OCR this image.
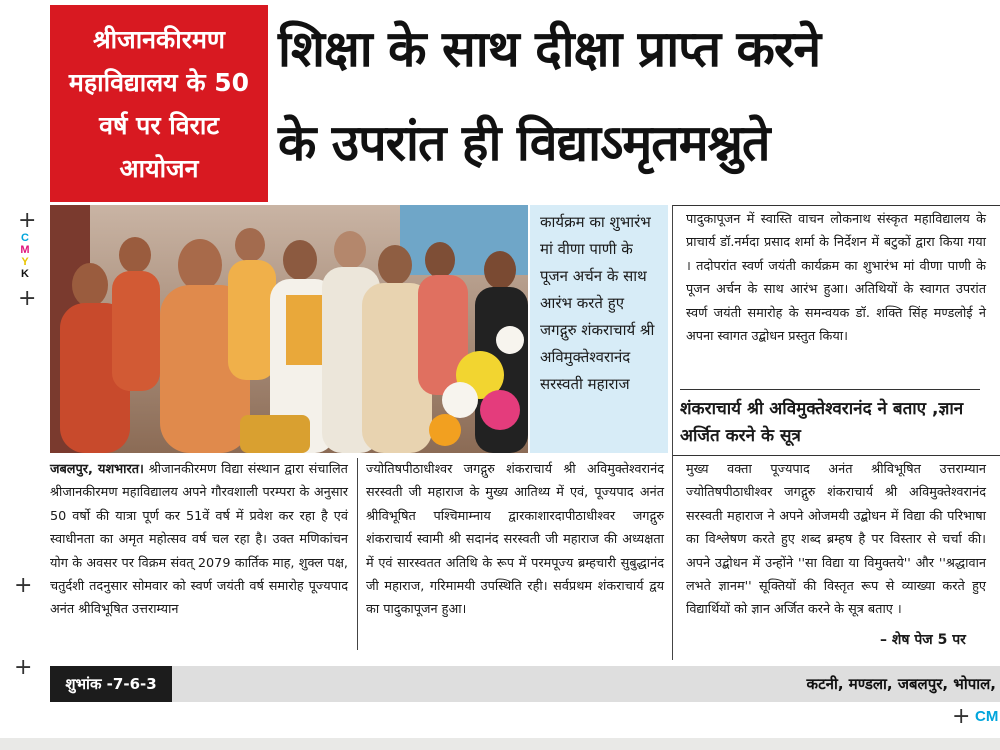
+
+
+
+
+
C
M
Y
K
CM
श्रीजानकीरमण महाविद्यालय के 50 वर्ष पर विराट आयोजन
शिक्षा के साथ दीक्षा प्राप्त करने
के उपरांत ही विद्याऽमृतमश्नुते

कार्यक्रम का शुभारंभ मां वीणा पाणी के पूजन अर्चन के साथ आरंभ करते हुए जगद्गुरु शंकराचार्य श्री अविमुक्तेश्वरानंद सरस्वती महाराज

पादुकापूजन में स्वास्ति वाचन लोकनाथ संस्कृत महाविद्यालय के प्राचार्य डॉ.नर्मदा प्रसाद शर्मा के निर्देशन में बटुकों द्वारा किया गया । तदोपरांत स्वर्ण जयंती कार्यक्रम का शुभारंभ मां वीणा पाणी के पूजन अर्चन के साथ आरंभ हुआ। अतिथियों के स्वागत उपरांत स्वर्ण जयंती समारोह के समन्वयक डॉ. शक्ति सिंह मण्डलोई ने अपना स्वागत उद्बोधन प्रस्तुत किया।
शंकराचार्य श्री अविमुक्तेश्वरानंद ने बताए ,ज्ञान अर्जित करने के सूत्र
मुख्य वक्ता पूज्यपाद अनंत श्रीविभूषित उत्तराम्यान ज्योतिषपीठाधीश्वर जगद्गुरु शंकराचार्य श्री अविमुक्तेश्वरानंद सरस्वती महाराज ने अपने ओजमयी उद्बोधन में विद्या की परिभाषा का विश्लेषण करते हुए शब्द ब्रम्हष है पर विस्तार से चर्चा की। अपने उद्बोधन में उन्होंने ''सा विद्या या विमुक्तये'' और ''श्रद्धावान लभते ज्ञानम'' सूक्तियों की विस्तृत रूप से व्याख्या करते हुए विद्यार्थियों को ज्ञान अर्जित करने के सूत्र बताए ।
– शेष पेज 5 पर
जबलपुर, यशभारत। श्रीजानकीरमण विद्या संस्थान द्वारा संचालित श्रीजानकीरमण महाविद्यालय अपने गौरवशाली परम्परा के अनुसार 50 वर्षो की यात्रा पूर्ण कर 51वें वर्ष में प्रवेश कर रहा है एवं स्वाधीनता का अमृत महोत्सव वर्ष चल रहा है। उक्त मणिकांचन योग के अवसर पर विक्रम संवत् 2079 कार्तिक माह, शुक्ल पक्ष, चतुर्दशी तदनुसार सोमवार को स्वर्ण जयंती वर्ष समारोह पूज्यपाद अनंत श्रीविभूषित उत्तराम्यान
ज्योतिषपीठाधीश्वर जगद्गुरु शंकराचार्य श्री अविमुक्तेश्वरानंद सरस्वती जी महाराज के मुख्य आतिथ्य में एवं, पूज्यपाद अनंत श्रीविभूषित पश्चिमाम्नाय द्वारकाशारदापीठाधीश्वर जगद्गुरु शंकराचार्य स्वामी श्री सदानंद सरस्वती जी महाराज की अध्यक्षता में एवं सारस्वतत अतिथि के रूप में परमपूज्य ब्रम्हचारी सुबुद्धानंद जी महाराज, गरिमामयी उपस्थिति रही। सर्वप्रथम शंकराचार्य द्वय का पादुकापूजन हुआ।
शुभांक -7-6-3	कटनी, मण्डला, जबलपुर, भोपाल,
